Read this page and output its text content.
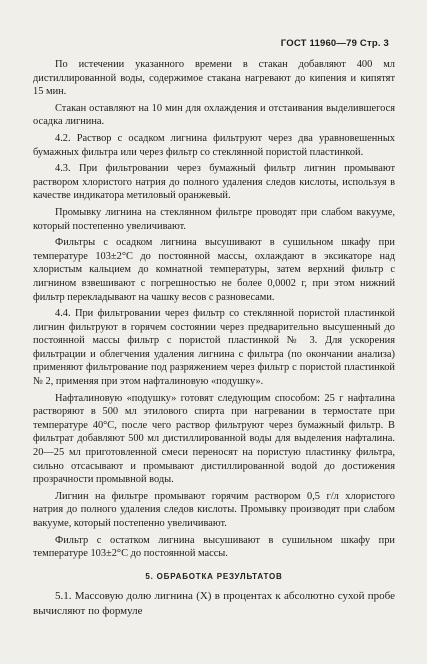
ГОСТ 11960—79 Стр. 3

По истечении указанного времени в стакан добавляют 400 мл дистиллированной воды, содержимое стакана нагревают до кипения и кипятят 15 мин.

Стакан оставляют на 10 мин для охлаждения и отстаивания выделившегося осадка лигнина.

4.2. Раствор с осадком лигнина фильтруют через два уравновешенных бумажных фильтра или через фильтр со стеклянной пористой пластинкой.

4.3. При фильтровании через бумажный фильтр лигнин промывают раствором хлористого натрия до полного удаления следов кислоты, используя в качестве индикатора метиловый оранжевый.

Промывку лигнина на стеклянном фильтре проводят при слабом вакууме, который постепенно увеличивают.

Фильтры с осадком лигнина высушивают в сушильном шкафу при температуре 103±2°С до постоянной массы, охлаждают в эксикаторе над хлористым кальцием до комнатной температуры, затем верхний фильтр с лигнином взвешивают с погрешностью не более 0,0002 г, при этом нижний фильтр перекладывают на чашку весов с разновесами.

4.4. При фильтровании через фильтр со стеклянной пористой пластинкой лигнин фильтруют в горячем состоянии через предварительно высушенный до постоянной массы фильтр с пористой пластинкой № 3. Для ускорения фильтрации и облегчения удаления лигнина с фильтра (по окончании анализа) применяют фильтрование под разряжением через фильтр с пористой пластинкой № 2, применяя при этом нафталиновую «подушку».

Нафталиновую «подушку» готовят следующим способом: 25 г нафталина растворяют в 500 мл этилового спирта при нагревании в термостате при температуре 40°С, после чего раствор фильтруют через бумажный фильтр. В фильтрат добавляют 500 мл дистиллированной воды для выделения нафталина. 20—25 мл приготовленной смеси переносят на пористую пластинку фильтра, сильно отсасывают и промывают дистиллированной водой до достижения прозрачности промывной воды.

Лигнин на фильтре промывают горячим раствором 0,5 г/л хлористого натрия до полного удаления следов кислоты. Промывку производят при слабом вакууме, который постепенно увеличивают.

Фильтр с остатком лигнина высушивают в сушильном шкафу при температуре 103±2°С до постоянной массы.

5. ОБРАБОТКА РЕЗУЛЬТАТОВ

5.1. Массовую долю лигнина (X) в процентах к абсолютно сухой пробе вычисляют по формуле
